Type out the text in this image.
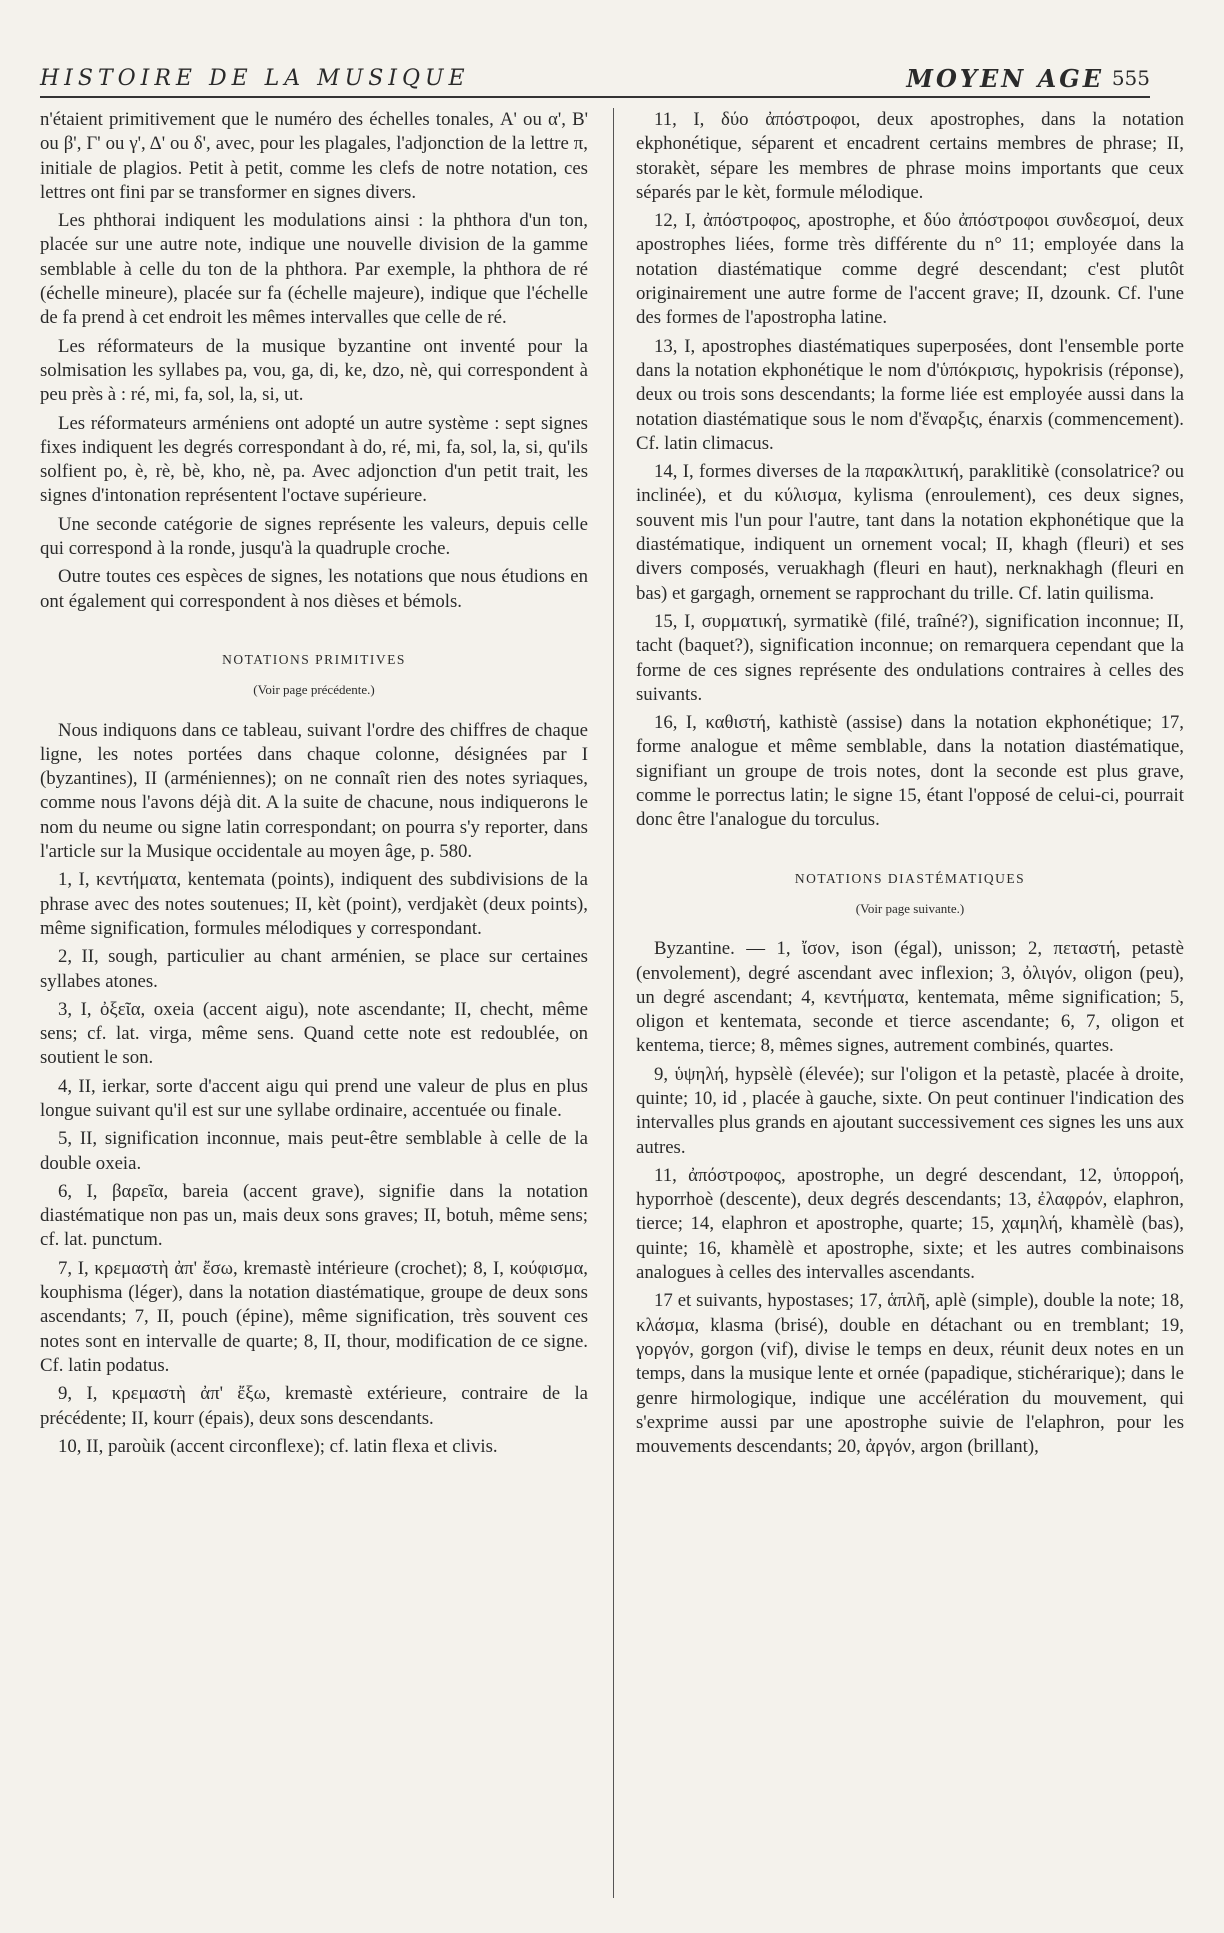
HISTOIRE DE LA MUSIQUE	MOYEN AGE 555

n'étaient primitivement que le numéro des échelles tonales, Α' ou α', Β' ou β', Γ' ou γ', Δ' ou δ', avec, pour les plagales, l'adjonction de la lettre π, initiale de plagios. Petit à petit, comme les clefs de notre notation, ces lettres ont fini par se transformer en signes divers.

Les phthorai indiquent les modulations ainsi : la phthora d'un ton, placée sur une autre note, indique une nouvelle division de la gamme semblable à celle du ton de la phthora. Par exemple, la phthora de ré (échelle mineure), placée sur fa (échelle majeure), indique que l'échelle de fa prend à cet endroit les mêmes intervalles que celle de ré.

Les réformateurs de la musique byzantine ont inventé pour la solmisation les syllabes pa, vou, ga, di, ke, dzo, nè, qui correspondent à peu près à : ré, mi, fa, sol, la, si, ut.

Les réformateurs arméniens ont adopté un autre système : sept signes fixes indiquent les degrés correspondant à do, ré, mi, fa, sol, la, si, qu'ils solfient po, è, rè, bè, kho, nè, pa. Avec adjonction d'un petit trait, les signes d'intonation représentent l'octave supérieure.

Une seconde catégorie de signes représente les valeurs, depuis celle qui correspond à la ronde, jusqu'à la quadruple croche.

Outre toutes ces espèces de signes, les notations que nous étudions en ont également qui correspondent à nos dièses et bémols.

NOTATIONS PRIMITIVES
(Voir page précédente.)

Nous indiquons dans ce tableau, suivant l'ordre des chiffres de chaque ligne, les notes portées dans chaque colonne, désignées par I (byzantines), II (arméniennes); on ne connaît rien des notes syriaques, comme nous l'avons déjà dit. A la suite de chacune, nous indiquerons le nom du neume ou signe latin correspondant; on pourra s'y reporter, dans l'article sur la Musique occidentale au moyen âge, p. 580.

1, I, κεντήματα, kentemata (points), indiquent des subdivisions de la phrase avec des notes soutenues; II, kèt (point), verdjakèt (deux points), même signification, formules mélodiques y correspondant.

2, II, sough, particulier au chant arménien, se place sur certaines syllabes atones.

3, I, ὀξεῖα, oxeia (accent aigu), note ascendante; II, checht, même sens; cf. lat. virga, même sens. Quand cette note est redoublée, on soutient le son.

4, II, ierkar, sorte d'accent aigu qui prend une valeur de plus en plus longue suivant qu'il est sur une syllabe ordinaire, accentuée ou finale.

5, II, signification inconnue, mais peut-être semblable à celle de la double oxeia.

6, I, βαρεῖα, bareia (accent grave), signifie dans la notation diastématique non pas un, mais deux sons graves; II, botuh, même sens; cf. lat. punctum.

7, I, κρεμαστὴ ἀπ' ἔσω, kremastè intérieure (crochet); 8, I, κούφισμα, kouphisma (léger), dans la notation diastématique, groupe de deux sons ascendants; 7, II, pouch (épine), même signification, très souvent ces notes sont en intervalle de quarte; 8, II, thour, modification de ce signe. Cf. latin podatus.

9, I, κρεμαστὴ ἀπ' ἔξω, kremastè extérieure, contraire de la précédente; II, kourr (épais), deux sons descendants.

10, II, paroùik (accent circonflexe); cf. latin flexa et clivis.

11, I, δύο ἀπόστροφοι, deux apostrophes, dans la notation ekphonétique, séparent et encadrent certains membres de phrase; II, storakèt, sépare les membres de phrase moins importants que ceux séparés par le kèt, formule mélodique.

12, I, ἀπόστροφος, apostrophe, et δύο ἀπόστροφοι συνδεσμοί, deux apostrophes liées, forme très différente du n° 11; employée dans la notation diastématique comme degré descendant; c'est plutôt originairement une autre forme de l'accent grave; II, dzounk. Cf. l'une des formes de l'apostropha latine.

13, I, apostrophes diastématiques superposées, dont l'ensemble porte dans la notation ekphonétique le nom d'ὑπόκρισις, hypokrisis (réponse), deux ou trois sons descendants; la forme liée est employée aussi dans la notation diastématique sous le nom d'ἔναρξις, énarxis (commencement). Cf. latin climacus.

14, I, formes diverses de la παρακλιτική, paraklitikè (consolatrice? ou inclinée), et du κύλισμα, kylisma (enroulement), ces deux signes, souvent mis l'un pour l'autre, tant dans la notation ekphonétique que la diastématique, indiquent un ornement vocal; II, khagh (fleuri) et ses divers composés, veruakhagh (fleuri en haut), nerknakhagh (fleuri en bas) et gargagh, ornement se rapprochant du trille. Cf. latin quilisma.

15, I, συρματική, syrmatikè (filé, traîné?), signification inconnue; II, tacht (baquet?), signification inconnue; on remarquera cependant que la forme de ces signes représente des ondulations contraires à celles des suivants.

16, I, καθιστή, kathistè (assise) dans la notation ekphonétique; 17, forme analogue et même semblable, dans la notation diastématique, signifiant un groupe de trois notes, dont la seconde est plus grave, comme le porrectus latin; le signe 15, étant l'opposé de celui-ci, pourrait donc être l'analogue du torculus.

NOTATIONS DIASTÉMATIQUES
(Voir page suivante.)

Byzantine. — 1, ἴσον, ison (égal), unisson; 2, πεταστή, petastè (envolement), degré ascendant avec inflexion; 3, ὀλιγόν, oligon (peu), un degré ascendant; 4, κεντήματα, kentemata, même signification; 5, oligon et kentemata, seconde et tierce ascendante; 6, 7, oligon et kentema, tierce; 8, mêmes signes, autrement combinés, quartes.

9, ὑψηλή, hypsèlè (élevée); sur l'oligon et la petastè, placée à droite, quinte; 10, id , placée à gauche, sixte. On peut continuer l'indication des intervalles plus grands en ajoutant successivement ces signes les uns aux autres.

11, ἀπόστροφος, apostrophe, un degré descendant, 12, ὑπορροή, hyporrhoè (descente), deux degrés descendants; 13, ἐλαφρόν, elaphron, tierce; 14, elaphron et apostrophe, quarte; 15, χαμηλή, khamèlè (bas), quinte; 16, khamèlè et apostrophe, sixte; et les autres combinaisons analogues à celles des intervalles ascendants.

17 et suivants, hypostases; 17, ἁπλῆ, aplè (simple), double la note; 18, κλάσμα, klasma (brisé), double en détachant ou en tremblant; 19, γοργόν, gorgon (vif), divise le temps en deux, réunit deux notes en un temps, dans la musique lente et ornée (papadique, stichérarique); dans le genre hirmologique, indique une accélération du mouvement, qui s'exprime aussi par une apostrophe suivie de l'elaphron, pour les mouvements descendants; 20, ἀργόν, argon (brillant),
